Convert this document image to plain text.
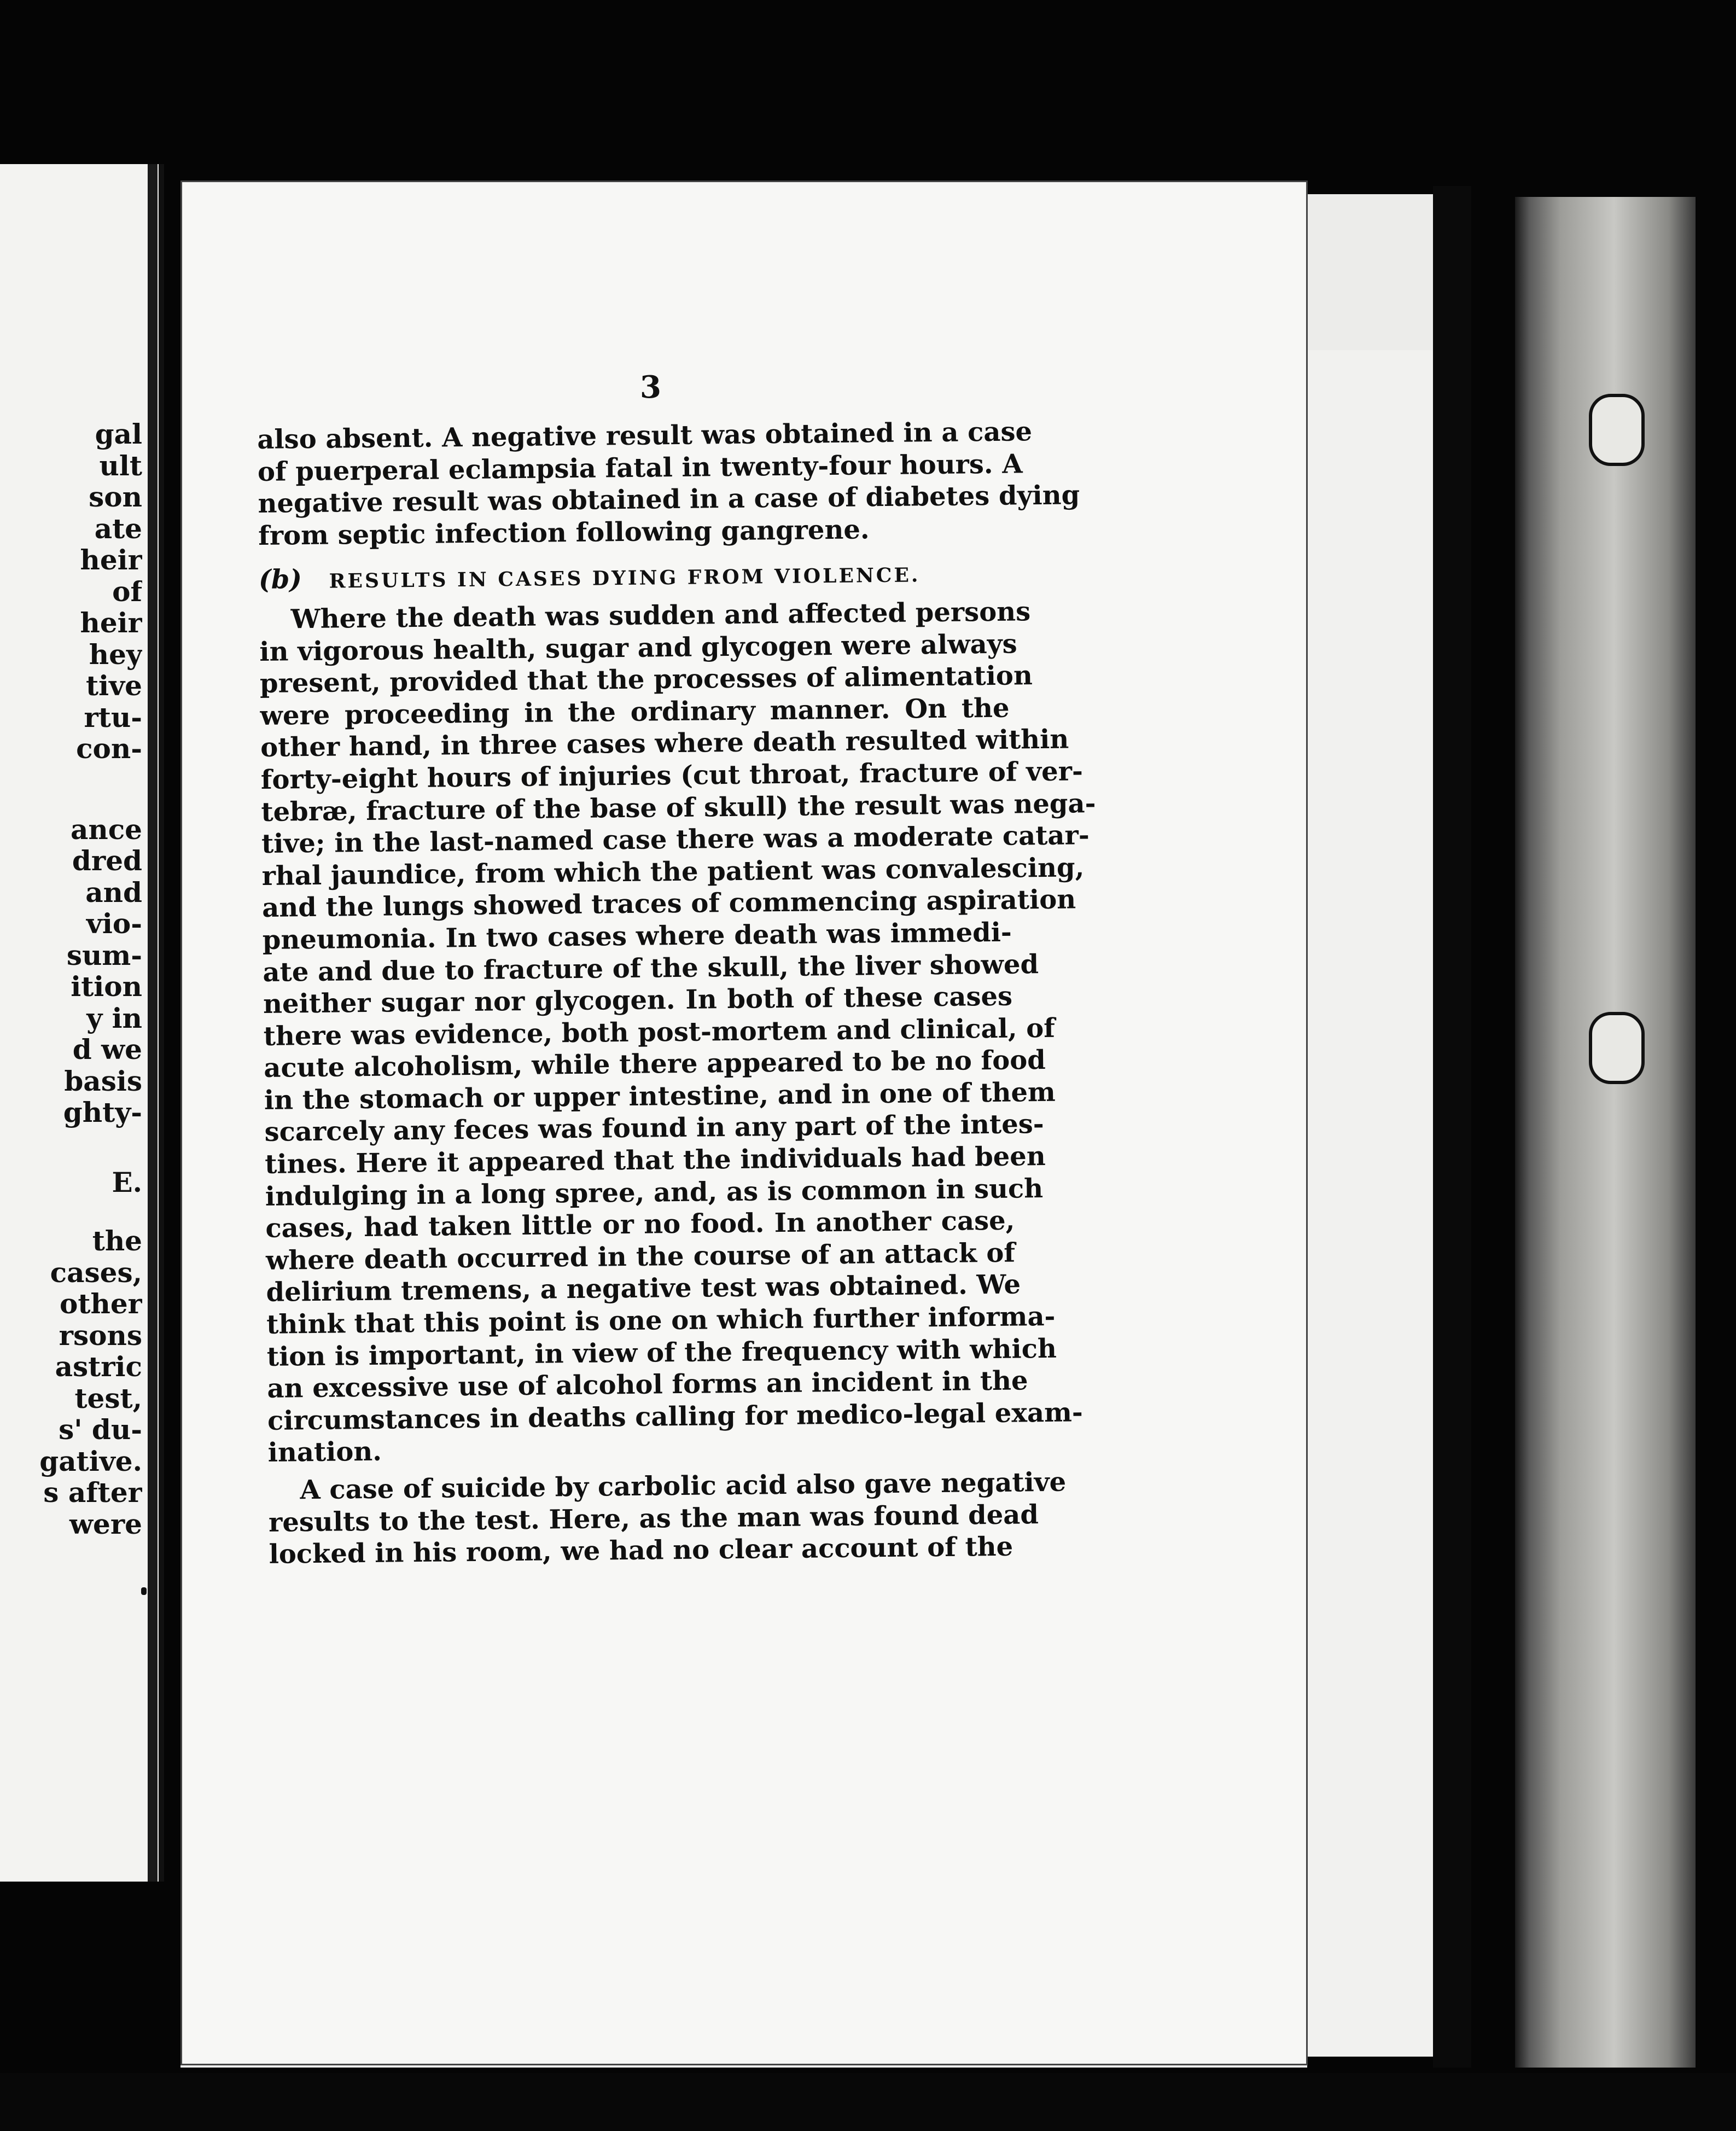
gal
ult
son
ate
heir
of
heir
hey
tive
rtu-
con-
ance
dred
and
vio-
sum-
ition
y in
d we
basis
ghty-
E.
the
cases,
other
rsons
astric
test,
s' du-
gative.
s after
were
3
also absent. A negative result was obtained in a case
of puerperal eclampsia fatal in twenty-four hours. A
negative result was obtained in a case of diabetes dying
from septic infection following gangrene.
(b) RESULTS IN CASES DYING FROM VIOLENCE.
Where the death was sudden and affected persons
in vigorous health, sugar and glycogen were always
present, provided that the processes of alimentation
were proceeding in the ordinary manner. On the
other hand, in three cases where death resulted within
forty-eight hours of injuries (cut throat, fracture of ver-
tebræ, fracture of the base of skull) the result was nega-
tive; in the last-named case there was a moderate catar-
rhal jaundice, from which the patient was convalescing,
and the lungs showed traces of commencing aspiration
pneumonia. In two cases where death was immedi-
ate and due to fracture of the skull, the liver showed
neither sugar nor glycogen. In both of these cases
there was evidence, both post-mortem and clinical, of
acute alcoholism, while there appeared to be no food
in the stomach or upper intestine, and in one of them
scarcely any feces was found in any part of the intes-
tines. Here it appeared that the individuals had been
indulging in a long spree, and, as is common in such
cases, had taken little or no food. In another case,
where death occurred in the course of an attack of
delirium tremens, a negative test was obtained. We
think that this point is one on which further informa-
tion is important, in view of the frequency with which
an excessive use of alcohol forms an incident in the
circumstances in deaths calling for medico-legal exam-
ination.
A case of suicide by carbolic acid also gave negative
results to the test. Here, as the man was found dead
locked in his room, we had no clear account of the
